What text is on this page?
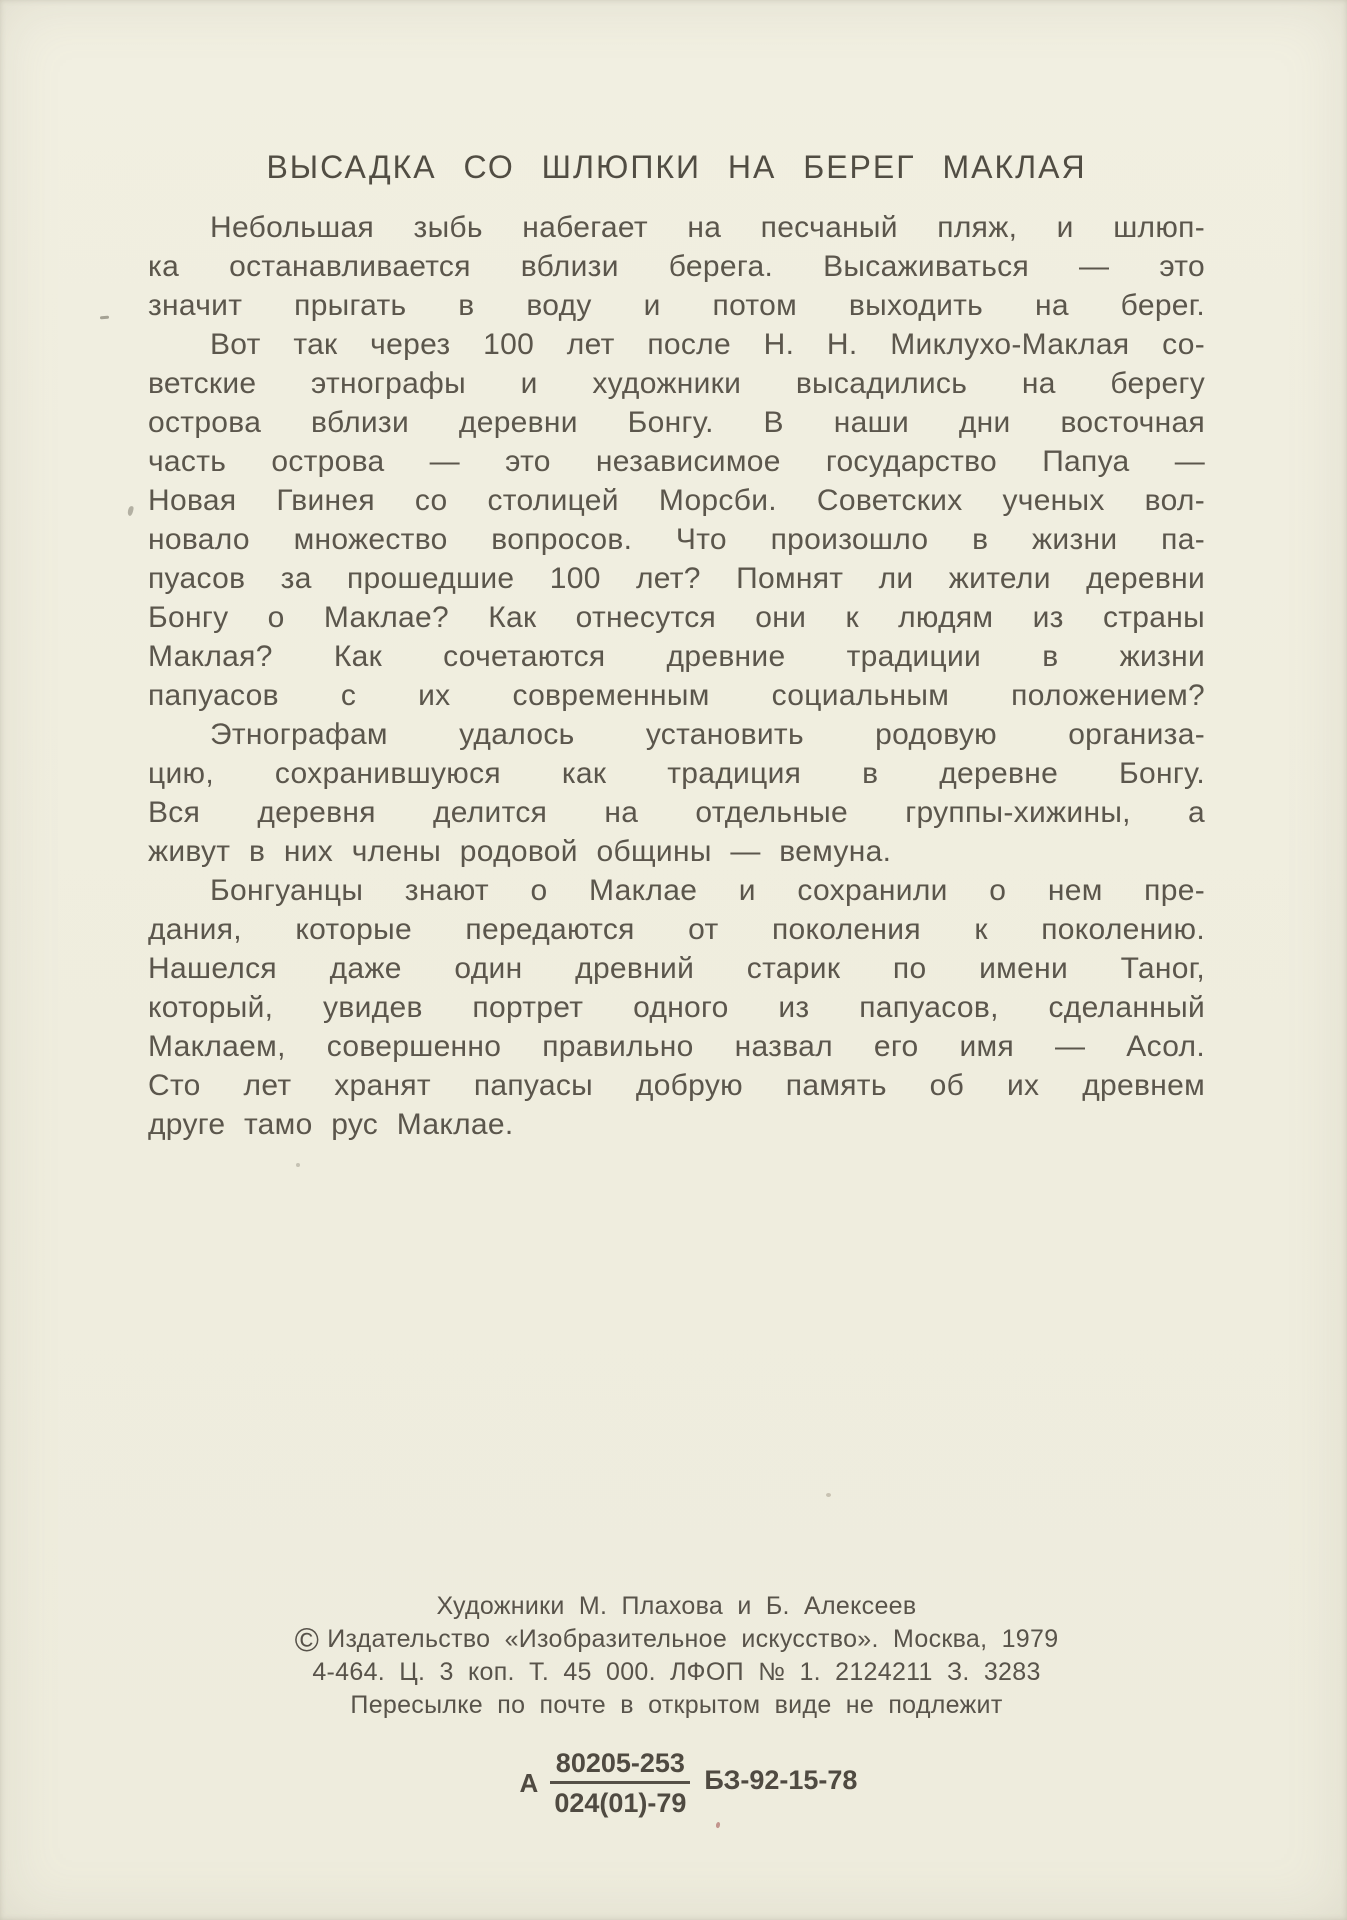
ВЫСАДКА СО ШЛЮПКИ НА БЕРЕГ МАКЛАЯ
Небольшая зыбь набегает на песчаный пляж, и шлюп-
ка останавливается вблизи берега. Высаживаться — это
значит прыгать в воду и потом выходить на берег.
Вот так через 100 лет после Н. Н. Миклухо-Маклая со-
ветские этнографы и художники высадились на берегу
острова вблизи деревни Бонгу. В наши дни восточная
часть острова — это независимое государство Папуа —
Новая Гвинея со столицей Морсби. Советских ученых вол-
новало множество вопросов. Что произошло в жизни па-
пуасов за прошедшие 100 лет? Помнят ли жители деревни
Бонгу о Маклае? Как отнесутся они к людям из страны
Маклая? Как сочетаются древние традиции в жизни
папуасов с их современным социальным положением?
Этнографам удалось установить родовую организа-
цию, сохранившуюся как традиция в деревне Бонгу.
Вся деревня делится на отдельные группы-хижины, а
живут в них члены родовой общины — вемуна.
Бонгуанцы знают о Маклае и сохранили о нем пре-
дания, которые передаются от поколения к поколению.
Нашелся даже один древний старик по имени Таног,
который, увидев портрет одного из папуасов, сделанный
Маклаем, совершенно правильно назвал его имя — Асол.
Сто лет хранят папуасы добрую память об их древнем
друге тамо рус Маклае.
Художники М. Плахова и Б. Алексеев
© Издательство «Изобразительное искусство». Москва, 1979
4-464. Ц. 3 коп. Т. 45 000. ЛФОП № 1. 2124211 З. 3283
Пересылке по почте в открытом виде не подлежит
А $\frac{80205-253}{024(01)-79} БЗ-92-15-78$
